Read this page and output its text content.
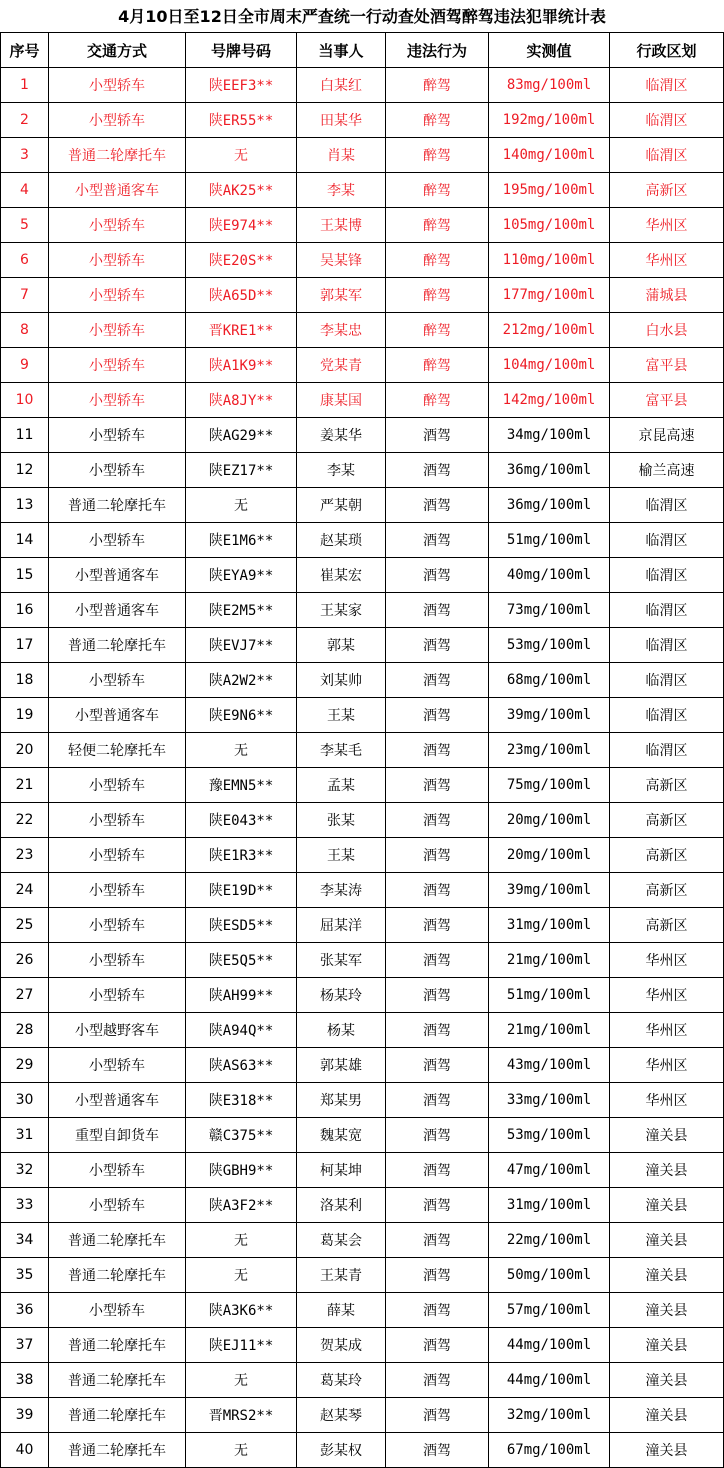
4月10日至12日全市周末严查统一行动查处酒驾醉驾违法犯罪统计表
序号	交通方式	号牌号码	当事人	违法行为	实测值	行政区划
1	小型轿车	陕EEF3**	白某红	醉驾	83mg/100ml	临渭区
2	小型轿车	陕ER55**	田某华	醉驾	192mg/100ml	临渭区
3	普通二轮摩托车	无	肖某	醉驾	140mg/100ml	临渭区
4	小型普通客车	陕AK25**	李某	醉驾	195mg/100ml	高新区
5	小型轿车	陕E974**	王某博	醉驾	105mg/100ml	华州区
6	小型轿车	陕E20S**	吴某锋	醉驾	110mg/100ml	华州区
7	小型轿车	陕A65D**	郭某军	醉驾	177mg/100ml	蒲城县
8	小型轿车	晋KRE1**	李某忠	醉驾	212mg/100ml	白水县
9	小型轿车	陕A1K9**	党某青	醉驾	104mg/100ml	富平县
10	小型轿车	陕A8JY**	康某国	醉驾	142mg/100ml	富平县
11	小型轿车	陕AG29**	姜某华	酒驾	34mg/100ml	京昆高速
12	小型轿车	陕EZ17**	李某	酒驾	36mg/100ml	榆兰高速
13	普通二轮摩托车	无	严某朝	酒驾	36mg/100ml	临渭区
14	小型轿车	陕E1M6**	赵某琐	酒驾	51mg/100ml	临渭区
15	小型普通客车	陕EYA9**	崔某宏	酒驾	40mg/100ml	临渭区
16	小型普通客车	陕E2M5**	王某家	酒驾	73mg/100ml	临渭区
17	普通二轮摩托车	陕EVJ7**	郭某	酒驾	53mg/100ml	临渭区
18	小型轿车	陕A2W2**	刘某帅	酒驾	68mg/100ml	临渭区
19	小型普通客车	陕E9N6**	王某	酒驾	39mg/100ml	临渭区
20	轻便二轮摩托车	无	李某毛	酒驾	23mg/100ml	临渭区
21	小型轿车	豫EMN5**	孟某	酒驾	75mg/100ml	高新区
22	小型轿车	陕E043**	张某	酒驾	20mg/100ml	高新区
23	小型轿车	陕E1R3**	王某	酒驾	20mg/100ml	高新区
24	小型轿车	陕E19D**	李某涛	酒驾	39mg/100ml	高新区
25	小型轿车	陕ESD5**	屈某洋	酒驾	31mg/100ml	高新区
26	小型轿车	陕E5Q5**	张某军	酒驾	21mg/100ml	华州区
27	小型轿车	陕AH99**	杨某玲	酒驾	51mg/100ml	华州区
28	小型越野客车	陕A94Q**	杨某	酒驾	21mg/100ml	华州区
29	小型轿车	陕AS63**	郭某雄	酒驾	43mg/100ml	华州区
30	小型普通客车	陕E318**	郑某男	酒驾	33mg/100ml	华州区
31	重型自卸货车	赣C375**	魏某宽	酒驾	53mg/100ml	潼关县
32	小型轿车	陕GBH9**	柯某坤	酒驾	47mg/100ml	潼关县
33	小型轿车	陕A3F2**	洛某利	酒驾	31mg/100ml	潼关县
34	普通二轮摩托车	无	葛某会	酒驾	22mg/100ml	潼关县
35	普通二轮摩托车	无	王某青	酒驾	50mg/100ml	潼关县
36	小型轿车	陕A3K6**	薛某	酒驾	57mg/100ml	潼关县
37	普通二轮摩托车	陕EJ11**	贺某成	酒驾	44mg/100ml	潼关县
38	普通二轮摩托车	无	葛某玲	酒驾	44mg/100ml	潼关县
39	普通二轮摩托车	晋MRS2**	赵某琴	酒驾	32mg/100ml	潼关县
40	普通二轮摩托车	无	彭某权	酒驾	67mg/100ml	潼关县
